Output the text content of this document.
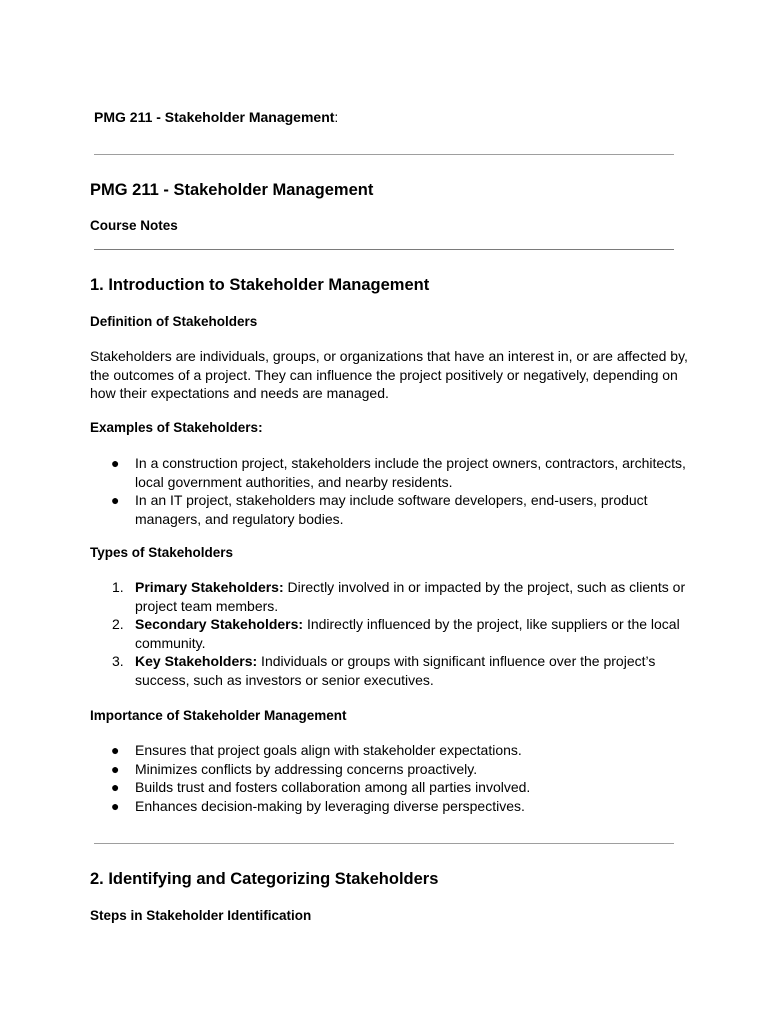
PMG 211 - Stakeholder Management:
PMG 211 - Stakeholder Management
Course Notes
1. Introduction to Stakeholder Management
Definition of Stakeholders
Stakeholders are individuals, groups, or organizations that have an interest in, or are affected by, the outcomes of a project. They can influence the project positively or negatively, depending on how their expectations and needs are managed.
Examples of Stakeholders:
● In a construction project, stakeholders include the project owners, contractors, architects, local government authorities, and nearby residents.
● In an IT project, stakeholders may include software developers, end-users, product managers, and regulatory bodies.
Types of Stakeholders
1. Primary Stakeholders: Directly involved in or impacted by the project, such as clients or project team members.
2. Secondary Stakeholders: Indirectly influenced by the project, like suppliers or the local community.
3. Key Stakeholders: Individuals or groups with significant influence over the project’s success, such as investors or senior executives.
Importance of Stakeholder Management
● Ensures that project goals align with stakeholder expectations.
● Minimizes conflicts by addressing concerns proactively.
● Builds trust and fosters collaboration among all parties involved.
● Enhances decision-making by leveraging diverse perspectives.
2. Identifying and Categorizing Stakeholders
Steps in Stakeholder Identification
